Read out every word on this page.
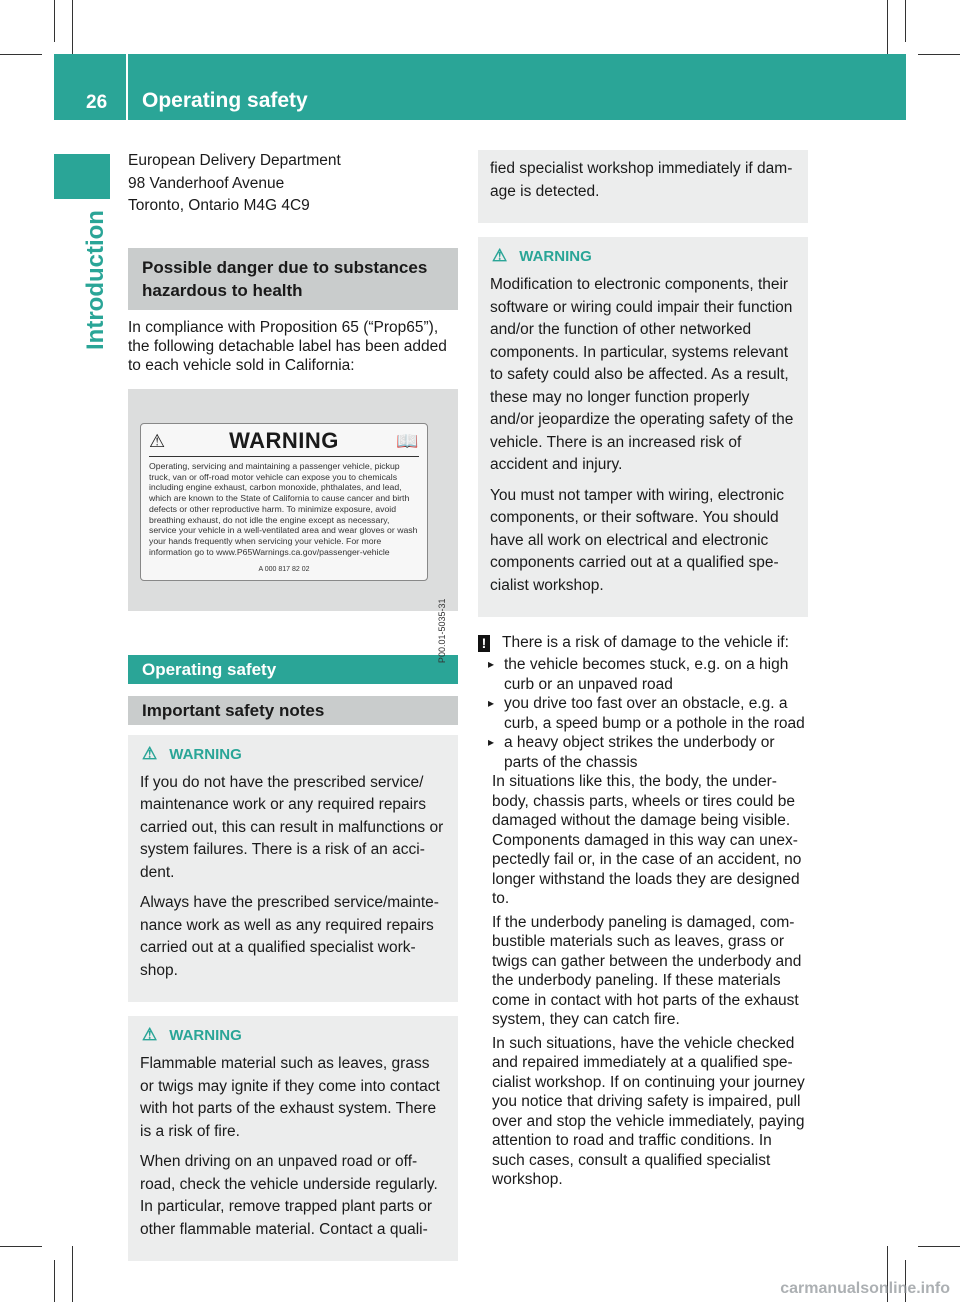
26	Operating safety
Introduction

European Delivery Department

98 Vanderhoof Avenue

Toronto, Ontario M4G 4C9

Possible danger due to substances hazardous to health

In compliance with Proposition 65 (“Prop65”), the following detachable label has been added to each vehicle sold in California:

⚠	WARNING	📖
Operating, servicing and maintaining a passenger vehicle, pickup truck, van or off-road motor vehicle can expose you to chemicals including engine exhaust, carbon monoxide, phthalates, and lead, which are known to the State of California to cause cancer and birth defects or other reproductive harm. To minimize exposure, avoid breathing exhaust, do not idle the engine except as necessary, service your vehicle in a well-ventilated area and wear gloves or wash your hands frequently when servicing your vehicle. For more information go to www.P65Warnings.ca.gov/passenger-vehicle
A 000 817 82 02
P00.01-5035-31
Operating safety
Important safety notes
⚠ WARNING

If you do not have the prescribed service/ maintenance work or any required repairs carried out, this can result in malfunctions or system failures. There is a risk of an accident.

Always have the prescribed service/maintenance work as well as any required repairs carried out at a qualified specialist workshop.

⚠ WARNING

Flammable material such as leaves, grass or twigs may ignite if they come into contact with hot parts of the exhaust system. There is a risk of fire.

When driving on an unpaved road or off-road, check the vehicle underside regularly. In particular, remove trapped plant parts or other flammable material. Contact a quali-

fied specialist workshop immediately if damage is detected.

⚠ WARNING

Modification to electronic components, their software or wiring could impair their function and/or the function of other networked components. In particular, systems relevant to safety could also be affected. As a result, these may no longer function properly and/or jeopardize the operating safety of the vehicle. There is an increased risk of accident and injury.

You must not tamper with wiring, electronic components, or their software. You should have all work on electrical and electronic components carried out at a qualified specialist workshop.

! There is a risk of damage to the vehicle if:

▸ the vehicle becomes stuck, e.g. on a high curb or an unpaved road
▸ you drive too fast over an obstacle, e.g. a curb, a speed bump or a pothole in the road
▸ a heavy object strikes the underbody or parts of the chassis

In situations like this, the body, the underbody, chassis parts, wheels or tires could be damaged without the damage being visible. Components damaged in this way can unexpectedly fail or, in the case of an accident, no longer withstand the loads they are designed to.

If the underbody paneling is damaged, combustible materials such as leaves, grass or twigs can gather between the underbody and the underbody paneling. If these materials come in contact with hot parts of the exhaust system, they can catch fire.

In such situations, have the vehicle checked and repaired immediately at a qualified specialist workshop. If on continuing your journey you notice that driving safety is impaired, pull over and stop the vehicle immediately, paying attention to road and traffic conditions. In such cases, consult a qualified specialist workshop.

carmanualsonline.info
